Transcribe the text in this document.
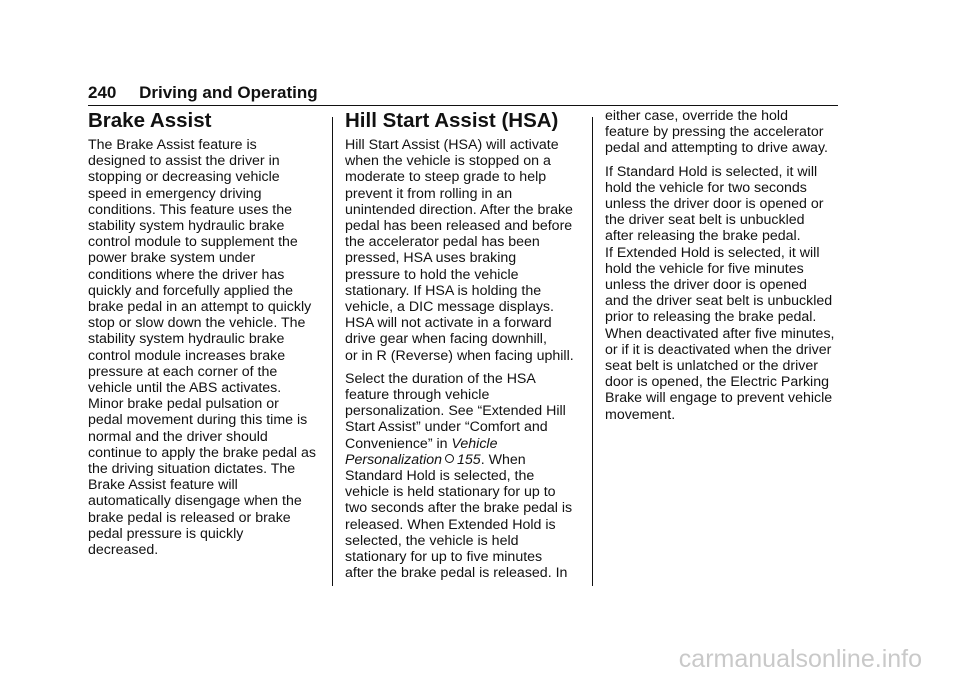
240 Driving and Operating
Brake Assist

The Brake Assist feature is
designed to assist the driver in
stopping or decreasing vehicle
speed in emergency driving
conditions. This feature uses the
stability system hydraulic brake
control module to supplement the
power brake system under
conditions where the driver has
quickly and forcefully applied the
brake pedal in an attempt to quickly
stop or slow down the vehicle. The
stability system hydraulic brake
control module increases brake
pressure at each corner of the
vehicle until the ABS activates.
Minor brake pedal pulsation or
pedal movement during this time is
normal and the driver should
continue to apply the brake pedal as
the driving situation dictates. The
Brake Assist feature will
automatically disengage when the
brake pedal is released or brake
pedal pressure is quickly
decreased.

Hill Start Assist (HSA)

Hill Start Assist (HSA) will activate
when the vehicle is stopped on a
moderate to steep grade to help
prevent it from rolling in an
unintended direction. After the brake
pedal has been released and before
the accelerator pedal has been
pressed, HSA uses braking
pressure to hold the vehicle
stationary. If HSA is holding the
vehicle, a DIC message displays.
HSA will not activate in a forward
drive gear when facing downhill,
or in R (Reverse) when facing uphill.

Select the duration of the HSA
feature through vehicle
personalization. See “Extended Hill
Start Assist” under “Comfort and
Convenience” in Vehicle
Personalization 155. When
Standard Hold is selected, the
vehicle is held stationary for up to
two seconds after the brake pedal is
released. When Extended Hold is
selected, the vehicle is held
stationary for up to five minutes
after the brake pedal is released. In

either case, override the hold
feature by pressing the accelerator
pedal and attempting to drive away.

If Standard Hold is selected, it will
hold the vehicle for two seconds
unless the driver door is opened or
the driver seat belt is unbuckled
after releasing the brake pedal.
If Extended Hold is selected, it will
hold the vehicle for five minutes
unless the driver door is opened
and the driver seat belt is unbuckled
prior to releasing the brake pedal.
When deactivated after five minutes,
or if it is deactivated when the driver
seat belt is unlatched or the driver
door is opened, the Electric Parking
Brake will engage to prevent vehicle
movement.

carmanualsonline.info
